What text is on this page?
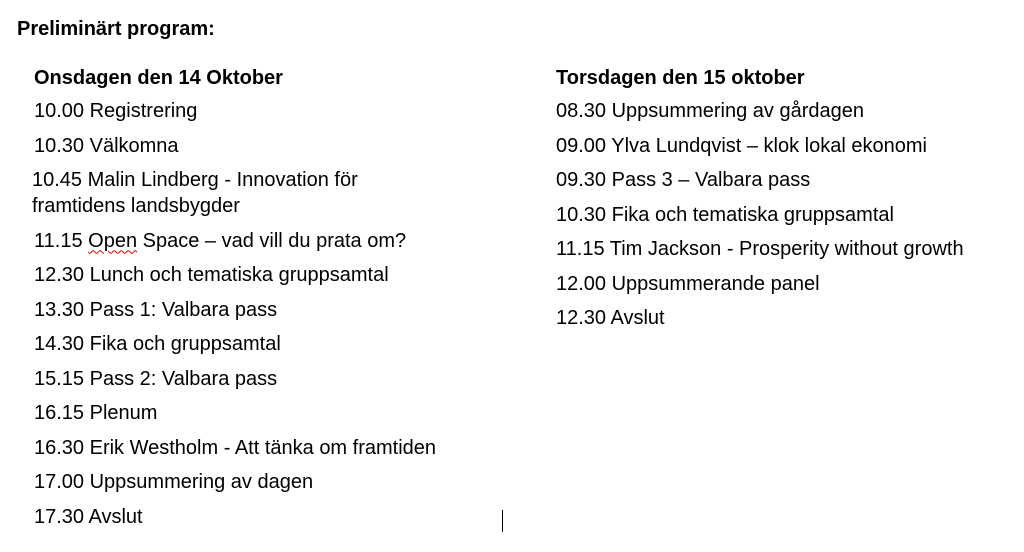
Preliminärt program:
Onsdagen den 14 Oktober
10.00 Registrering
10.30 Välkomna
10.45 Malin Lindberg - Innovation för framtidens landsbygder
11.15 Open Space – vad vill du prata om?
12.30 Lunch och tematiska gruppsamtal
13.30 Pass 1: Valbara pass
14.30 Fika och gruppsamtal
15.15 Pass 2: Valbara pass
16.15 Plenum
16.30 Erik Westholm - Att tänka om framtiden
17.00 Uppsummering av dagen
17.30 Avslut
Torsdagen den 15 oktober
08.30 Uppsummering av gårdagen
09.00 Ylva Lundqvist – klok lokal ekonomi
09.30 Pass 3 – Valbara pass
10.30 Fika och tematiska gruppsamtal
11.15 Tim Jackson - Prosperity without growth
12.00 Uppsummerande panel
12.30 Avslut
